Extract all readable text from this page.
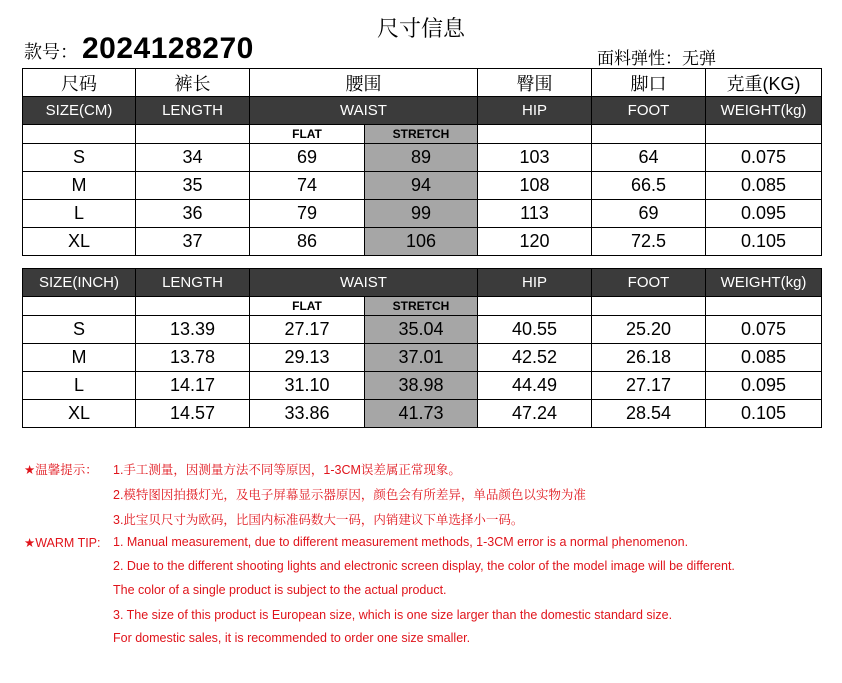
尺寸信息
款号： 2024128270	面料弹性：无弹
尺码	裤长	腰围		臀围	脚口	克重(KG)
SIZE(CM)	LENGTH	WAIST		HIP	FOOT	WEIGHT(kg)
		FLAT	STRETCH			
S	34	69	89	103	64	0.075
M	35	74	94	108	66.5	0.085
L	36	79	99	113	69	0.095
XL	37	86	106	120	72.5	0.105
SIZE(INCH)	LENGTH	WAIST		HIP	FOOT	WEIGHT(kg)
		FLAT	STRETCH			
S	13.39	27.17	35.04	40.55	25.20	0.075
M	13.78	29.13	37.01	42.52	26.18	0.085
L	14.17	31.10	38.98	44.49	27.17	0.095
XL	14.57	33.86	41.73	47.24	28.54	0.105
★温馨提示： 1.手工测量，因测量方法不同等原因，1-3CM误差属正常现象。
2.模特图因拍摄灯光，及电子屏幕显示器原因，颜色会有所差异，单品颜色以实物为准
3.此宝贝尺寸为欧码，比国内标准码数大一码，内销建议下单选择小一码。
★WARM TIP: 1. Manual measurement, due to different measurement methods, 1-3CM error is a normal phenomenon.
2. Due to the different shooting lights and electronic screen display, the color of the model image will be different.
The color of a single product is subject to the actual product.
3. The size of this product is European size, which is one size larger than the domestic standard size.
For domestic sales, it is recommended to order one size smaller.
